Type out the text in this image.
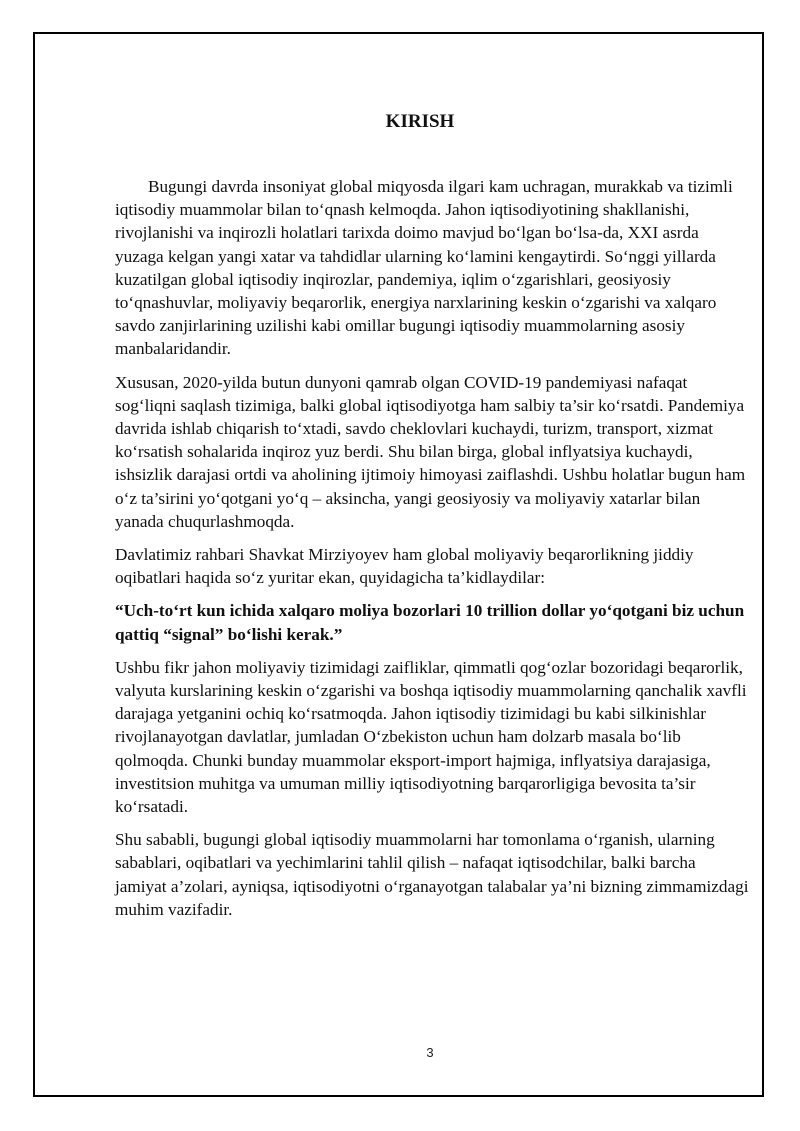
KIRISH

Bugungi davrda insoniyat global miqyosda ilgari kam uchragan, murakkab va tizimli iqtisodiy muammolar bilan to‘qnash kelmoqda. Jahon iqtisodiyotining shakllanishi, rivojlanishi va inqirozli holatlari tarixda doimo mavjud bo‘lgan bo‘lsa-da, XXI asrda yuzaga kelgan yangi xatar va tahdidlar ularning ko‘lamini kengaytirdi. So‘nggi yillarda kuzatilgan global iqtisodiy inqirozlar, pandemiya, iqlim o‘zgarishlari, geosiyosiy to‘qnashuvlar, moliyaviy beqarorlik, energiya narxlarining keskin o‘zgarishi va xalqaro savdo zanjirlarining uzilishi kabi omillar bugungi iqtisodiy muammolarning asosiy manbalaridandir.

Xususan, 2020-yilda butun dunyoni qamrab olgan COVID-19 pandemiyasi nafaqat sog‘liqni saqlash tizimiga, balki global iqtisodiyotga ham salbiy ta’sir ko‘rsatdi. Pandemiya davrida ishlab chiqarish to‘xtadi, savdo cheklovlari kuchaydi, turizm, transport, xizmat ko‘rsatish sohalarida inqiroz yuz berdi. Shu bilan birga, global inflyatsiya kuchaydi, ishsizlik darajasi ortdi va aholining ijtimoiy himoyasi zaiflashdi. Ushbu holatlar bugun ham o‘z ta’sirini yo‘qotgani yo‘q – aksincha, yangi geosiyosiy va moliyaviy xatarlar bilan yanada chuqurlashmoqda.

Davlatimiz rahbari Shavkat Mirziyoyev ham global moliyaviy beqarorlikning jiddiy oqibatlari haqida so‘z yuritar ekan, quyidagicha ta’kidlaydilar:

“Uch-to‘rt kun ichida xalqaro moliya bozorlari 10 trillion dollar yo‘qotgani biz uchun qattiq “signal” bo‘lishi kerak.”

Ushbu fikr jahon moliyaviy tizimidagi zaifliklar, qimmatli qog‘ozlar bozoridagi beqarorlik, valyuta kurslarining keskin o‘zgarishi va boshqa iqtisodiy muammolarning qanchalik xavfli darajaga yetganini ochiq ko‘rsatmoqda. Jahon iqtisodiy tizimidagi bu kabi silkinishlar rivojlanayotgan davlatlar, jumladan O‘zbekiston uchun ham dolzarb masala bo‘lib qolmoqda. Chunki bunday muammolar eksport-import hajmiga, inflyatsiya darajasiga, investitsion muhitga va umuman milliy iqtisodiyotning barqarorligiga bevosita ta’sir ko‘rsatadi.

Shu sababli, bugungi global iqtisodiy muammolarni har tomonlama o‘rganish, ularning sabablari, oqibatlari va yechimlarini tahlil qilish – nafaqat iqtisodchilar, balki barcha jamiyat a’zolari, ayniqsa, iqtisodiyotni o‘rganayotgan talabalar ya’ni bizning zimmamizdagi muhim vazifadir.

3
